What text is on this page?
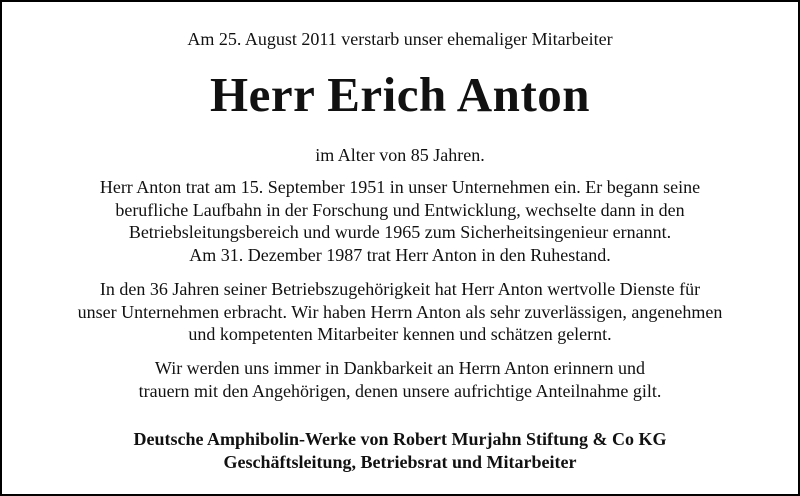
Am 25. August 2011 verstarb unser ehemaliger Mitarbeiter

Herr Erich Anton

im Alter von 85 Jahren.

Herr Anton trat am 15. September 1951 in unser Unternehmen ein. Er begann seine
berufliche Laufbahn in der Forschung und Entwicklung, wechselte dann in den
Betriebsleitungsbereich und wurde 1965 zum Sicherheitsingenieur ernannt.
Am 31. Dezember 1987 trat Herr Anton in den Ruhestand.
In den 36 Jahren seiner Betriebszugehörigkeit hat Herr Anton wertvolle Dienste für
unser Unternehmen erbracht. Wir haben Herrn Anton als sehr zuverlässigen, angenehmen
und kompetenten Mitarbeiter kennen und schätzen gelernt.
Wir werden uns immer in Dankbarkeit an Herrn Anton erinnern und
trauern mit den Angehörigen, denen unsere aufrichtige Anteilnahme gilt.
Deutsche Amphibolin-Werke von Robert Murjahn Stiftung & Co KG
Geschäftsleitung, Betriebsrat und Mitarbeiter
